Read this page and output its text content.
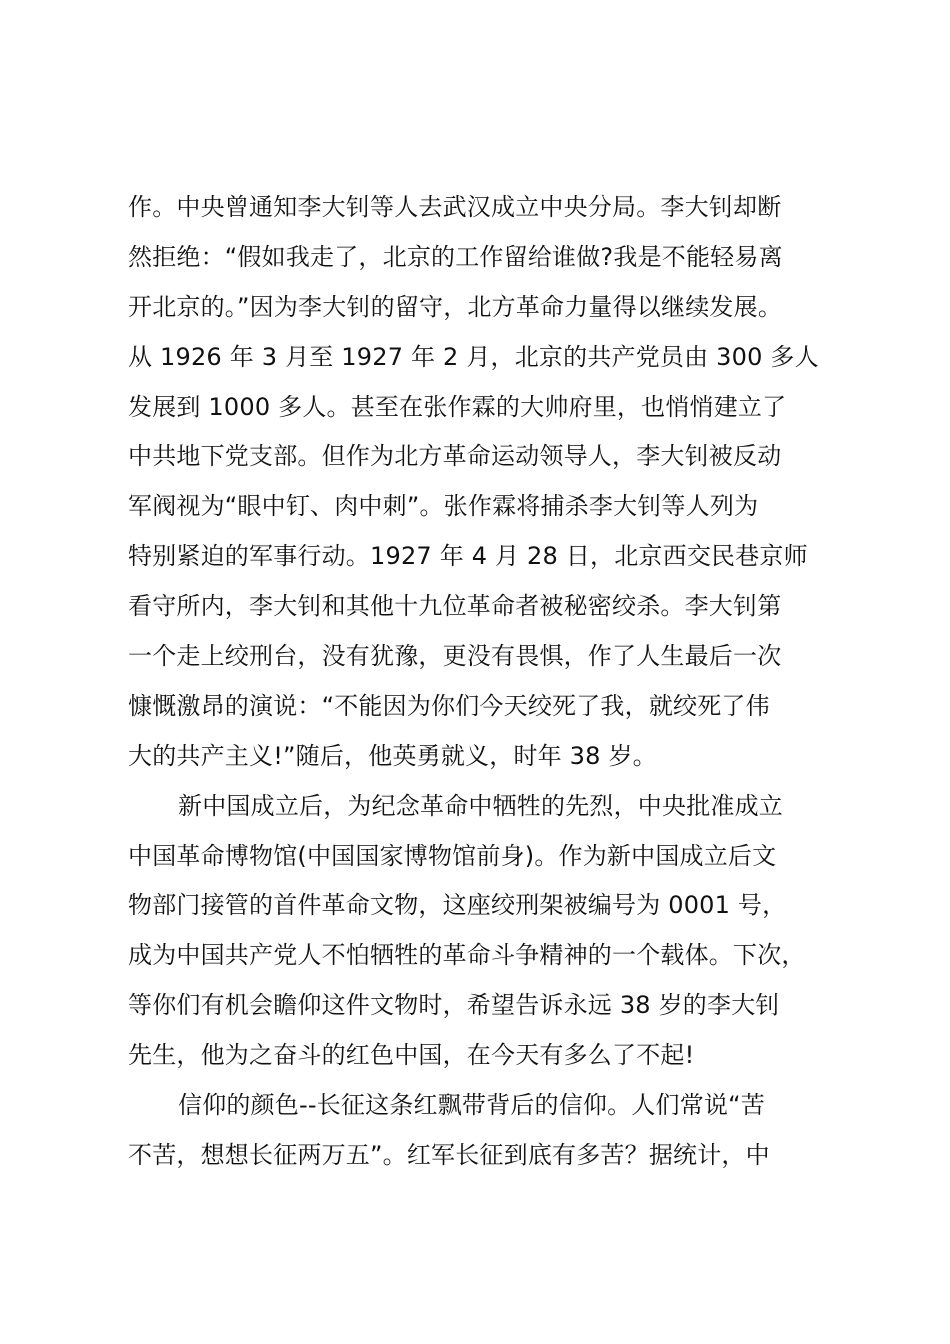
作。中央曾通知李大钊等人去武汉成立中央分局。李大钊却断
然拒绝：“假如我走了，北京的工作留给谁做?我是不能轻易离
开北京的。”因为李大钊的留守，北方革命力量得以继续发展。
从 1926 年 3 月至 1927 年 2 月，北京的共产党员由 300 多人
发展到 1000 多人。甚至在张作霖的大帅府里，也悄悄建立了
中共地下党支部。但作为北方革命运动领导人，李大钊被反动
军阀视为“眼中钉、肉中刺”。张作霖将捕杀李大钊等人列为
特别紧迫的军事行动。1927 年 4 月 28 日，北京西交民巷京师
看守所内，李大钊和其他十九位革命者被秘密绞杀。李大钊第
一个走上绞刑台，没有犹豫，更没有畏惧，作了人生最后一次
慷慨激昂的演说：“不能因为你们今天绞死了我，就绞死了伟
大的共产主义!”随后，他英勇就义，时年 38 岁。
新中国成立后，为纪念革命中牺牲的先烈，中央批准成立
中国革命博物馆(中国国家博物馆前身)。作为新中国成立后文
物部门接管的首件革命文物，这座绞刑架被编号为 0001 号，
成为中国共产党人不怕牺牲的革命斗争精神的一个载体。下次，
等你们有机会瞻仰这件文物时，希望告诉永远 38 岁的李大钊
先生，他为之奋斗的红色中国，在今天有多么了不起!
信仰的颜色--长征这条红飘带背后的信仰。人们常说“苦
不苦，想想长征两万五”。红军长征到底有多苦？据统计，中
